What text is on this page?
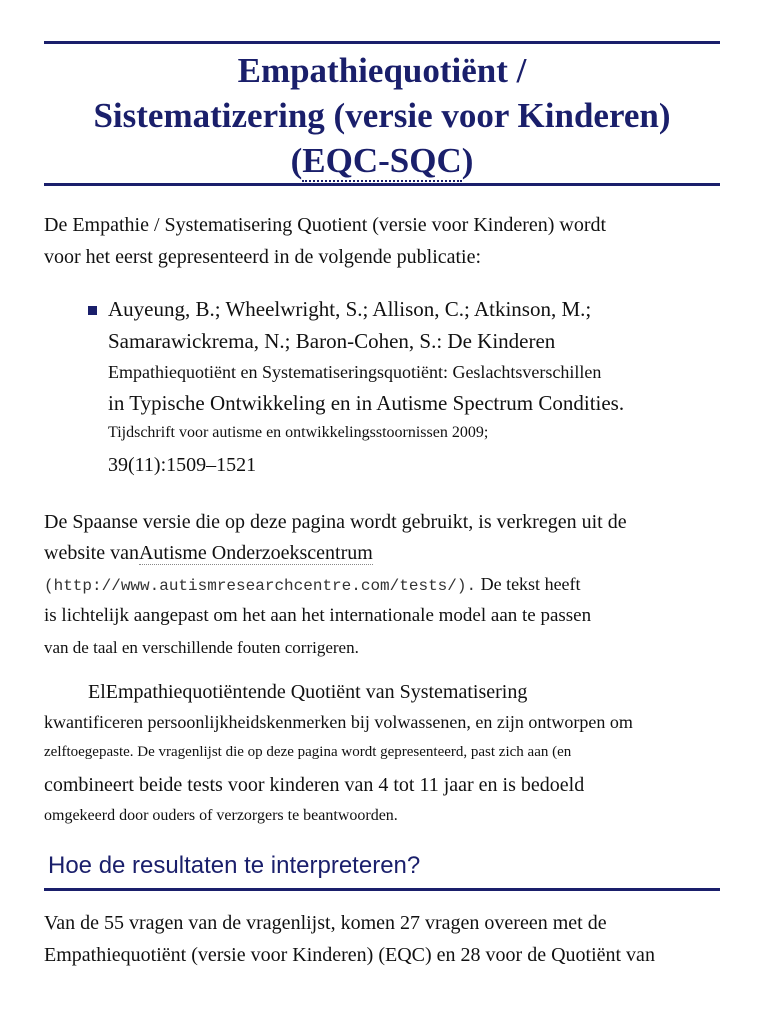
Empathiequotiënt /
Sistematizering (versie voor Kinderen)
(EQC-SQC)
De Empathie / Systematisering Quotient (versie voor Kinderen) wordt
voor het eerst gepresenteerd in de volgende publicatie:
Auyeung, B.; Wheelwright, S.; Allison, C.; Atkinson, M.;
Samarawickrema, N.; Baron-Cohen, S.: De Kinderen
Empathiequotiënt en Systematiseringsquotiënt: Geslachtsverschillen
in Typische Ontwikkeling en in Autisme Spectrum Condities.
Tijdschrift voor autisme en ontwikkelingsstoornissen 2009;
39(11):1509–1521
De Spaanse versie die op deze pagina wordt gebruikt, is verkregen uit de
website vanAutisme Onderzoekscentrum
(http://www.autismresearchcentre.com/tests/). De tekst heeft
is lichtelijk aangepast om het aan het internationale model aan te passen
van de taal en verschillende fouten corrigeren.
ElEmpathiequotiëntende Quotiënt van Systematisering
kwantificeren persoonlijkheidskenmerken bij volwassenen, en zijn ontworpen om
zelftoegepaste. De vragenlijst die op deze pagina wordt gepresenteerd, past zich aan (en
combineert beide tests voor kinderen van 4 tot 11 jaar en is bedoeld
omgekeerd door ouders of verzorgers te beantwoorden.
Hoe de resultaten te interpreteren?
Van de 55 vragen van de vragenlijst, komen 27 vragen overeen met de
Empathiequotiënt (versie voor Kinderen) (EQC) en 28 voor de Quotiënt van
